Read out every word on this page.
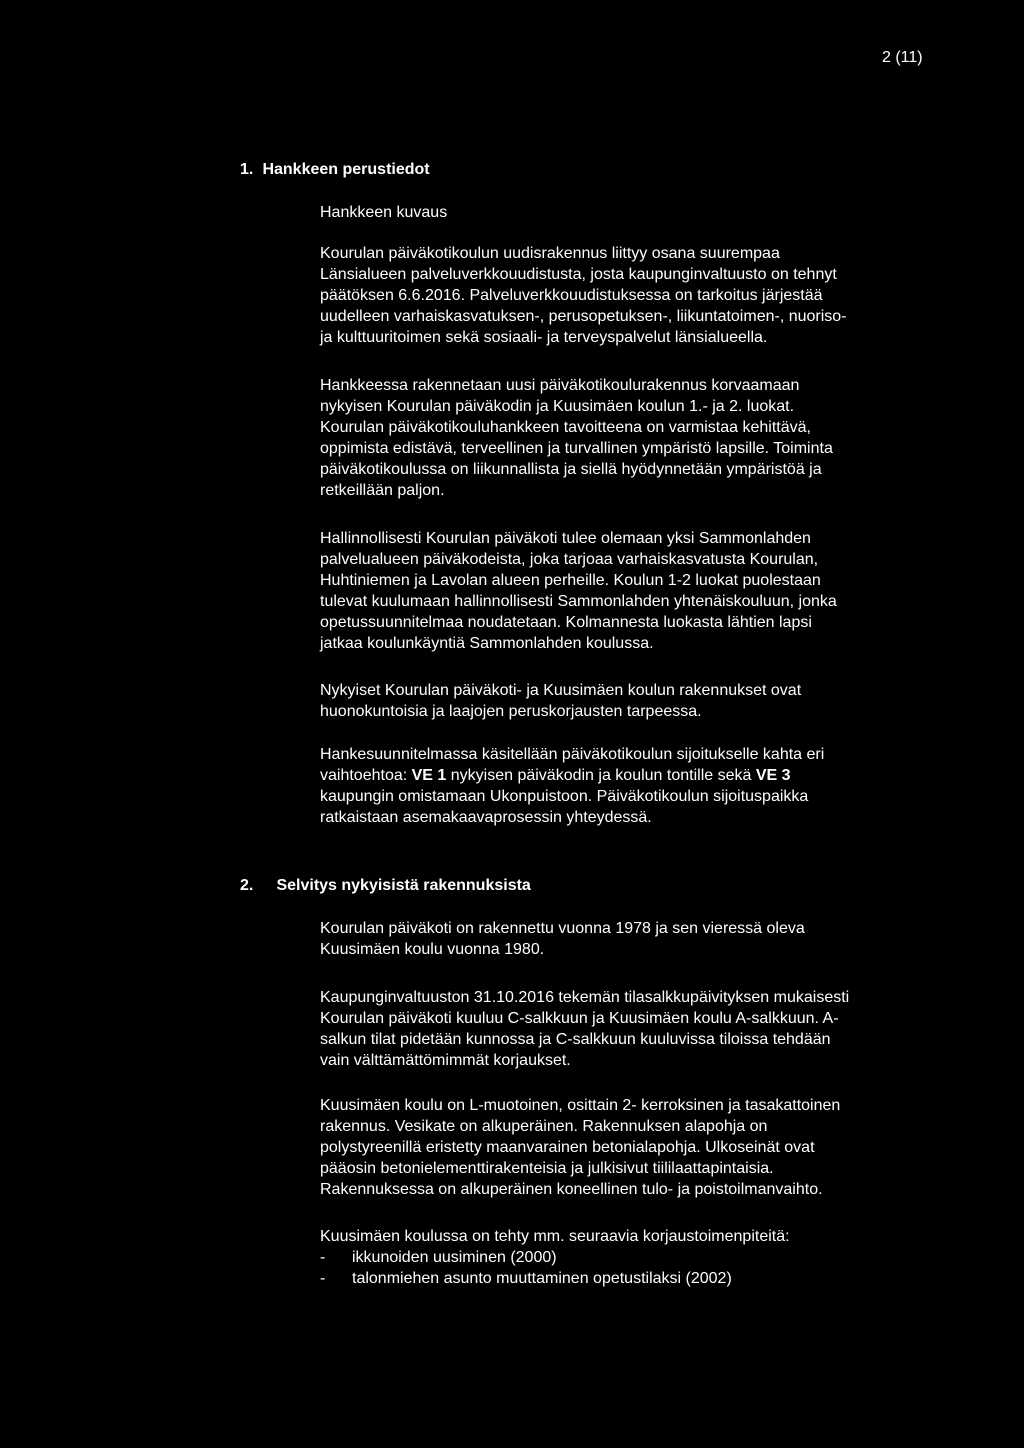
2 (11)
1. Hankkeen perustiedot
Hankkeen kuvaus
Kourulan päiväkotikoulun uudisrakennus liittyy osana suurempaa
Länsialueen palveluverkkouudistusta, josta kaupunginvaltuusto on tehnyt
päätöksen 6.6.2016. Palveluverkkouudistuksessa on tarkoitus järjestää
uudelleen varhaiskasvatuksen-, perusopetuksen-, liikuntatoimen-, nuoriso-
ja kulttuuritoimen sekä sosiaali- ja terveyspalvelut länsialueella.
Hankkeessa rakennetaan uusi päiväkotikoulurakennus korvaamaan
nykyisen Kourulan päiväkodin ja Kuusimäen koulun 1.- ja 2. luokat.
Kourulan päiväkotikouluhankkeen tavoitteena on varmistaa kehittävä,
oppimista edistävä, terveellinen ja turvallinen ympäristö lapsille. Toiminta
päiväkotikoulussa on liikunnallista ja siellä hyödynnetään ympäristöä ja
retkeillään paljon.
Hallinnollisesti Kourulan päiväkoti tulee olemaan yksi Sammonlahden
palvelualueen päiväkodeista, joka tarjoaa varhaiskasvatusta Kourulan,
Huhtiniemen ja Lavolan alueen perheille. Koulun 1-2 luokat puolestaan
tulevat kuulumaan hallinnollisesti Sammonlahden yhtenäiskouluun, jonka
opetussuunnitelmaa noudatetaan. Kolmannesta luokasta lähtien lapsi
jatkaa koulunkäyntiä Sammonlahden koulussa.
Nykyiset Kourulan päiväkoti- ja Kuusimäen koulun rakennukset ovat
huonokuntoisia ja laajojen peruskorjausten tarpeessa.
Hankesuunnitelmassa käsitellään päiväkotikoulun sijoitukselle kahta eri
vaihtoehtoa: VE 1 nykyisen päiväkodin ja koulun tontille sekä VE 3
kaupungin omistamaan Ukonpuistoon. Päiväkotikoulun sijoituspaikka
ratkaistaan asemakaavaprosessin yhteydessä.
2. Selvitys nykyisistä rakennuksista
Kourulan päiväkoti on rakennettu vuonna 1978 ja sen vieressä oleva
Kuusimäen koulu vuonna 1980.
Kaupunginvaltuuston 31.10.2016 tekemän tilasalkkupäivityksen mukaisesti
Kourulan päiväkoti kuuluu C-salkkuun ja Kuusimäen koulu A-salkkuun. A-
salkun tilat pidetään kunnossa ja C-salkkuun kuuluvissa tiloissa tehdään
vain välttämättömimmät korjaukset.
Kuusimäen koulu on L-muotoinen, osittain 2- kerroksinen ja tasakattoinen
rakennus. Vesikate on alkuperäinen. Rakennuksen alapohja on
polystyreenillä eristetty maanvarainen betonialapohja. Ulkoseinät ovat
pääosin betonielementtirakenteisia ja julkisivut tiililaattapintaisia.
Rakennuksessa on alkuperäinen koneellinen tulo- ja poistoilmanvaihto.
Kuusimäen koulussa on tehty mm. seuraavia korjaustoimenpiteitä:
- ikkunoiden uusiminen (2000)
- talonmiehen asunto muuttaminen opetustilaksi (2002)
